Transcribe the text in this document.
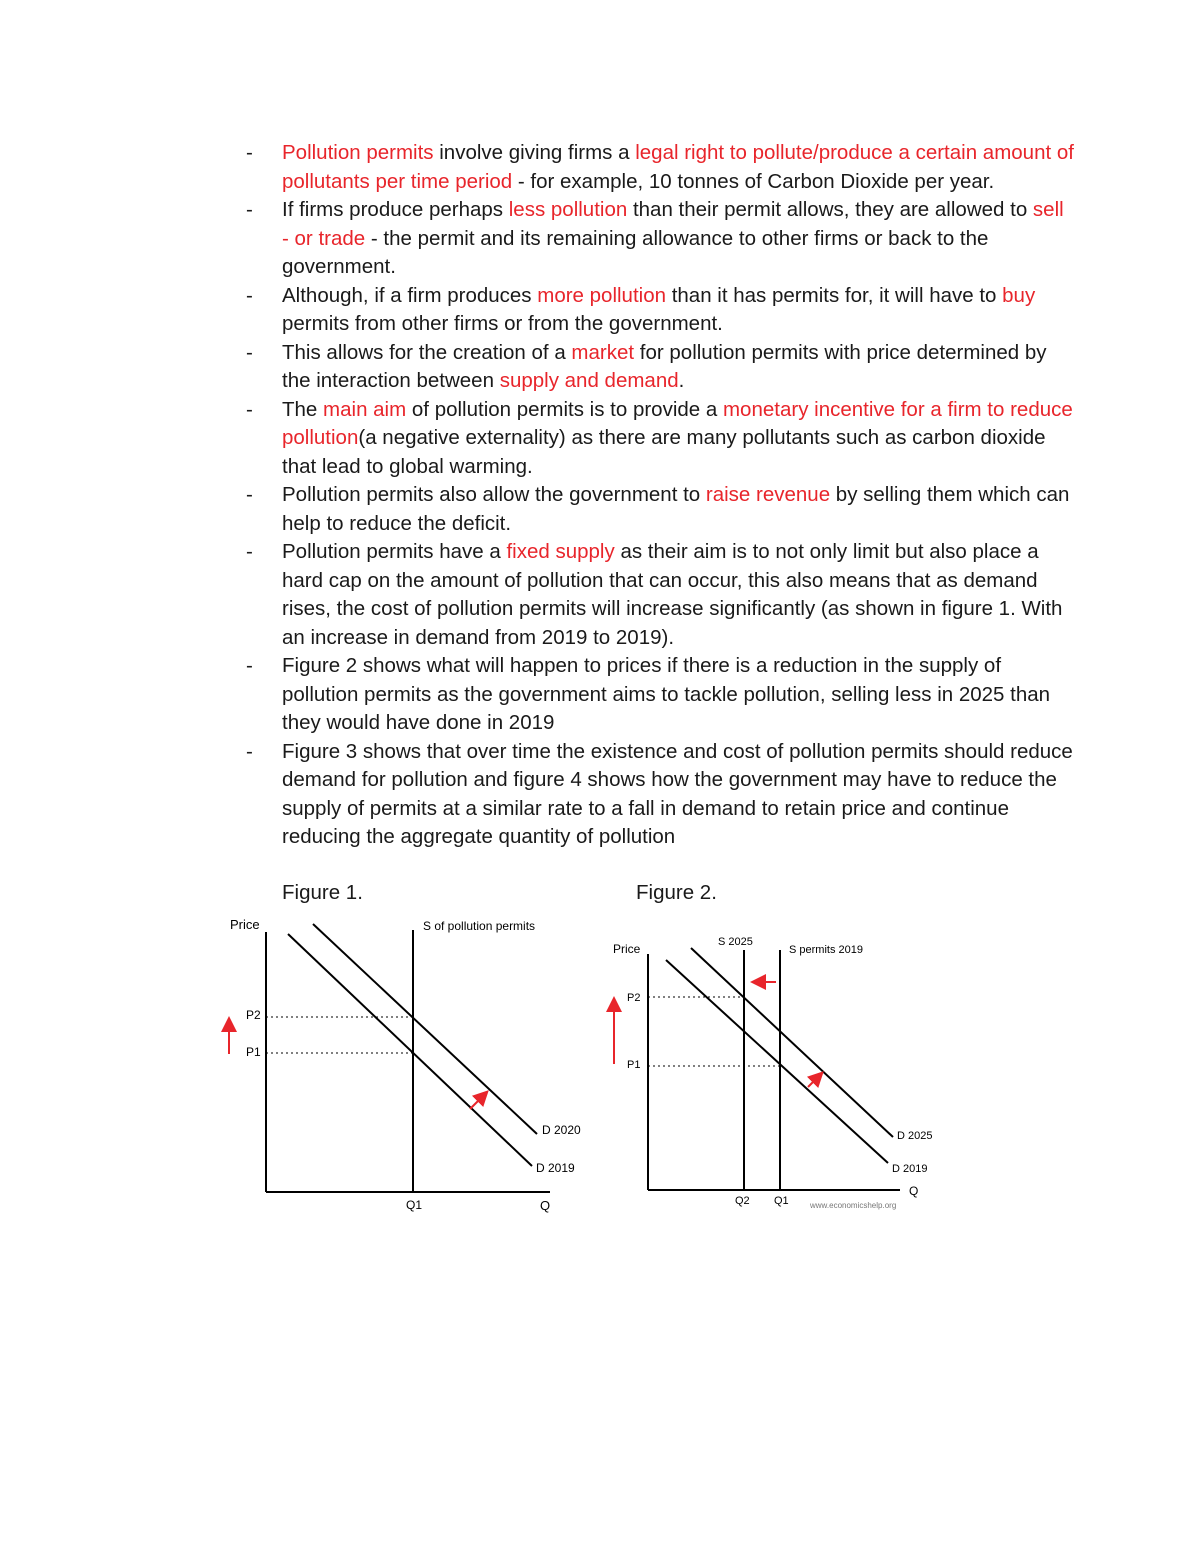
- Pollution permits involve giving firms a legal right to pollute/produce a certain amount of pollutants per time period - for example, 10 tonnes of Carbon Dioxide per year.
- If firms produce perhaps less pollution than their permit allows, they are allowed to sell - or trade - the permit and its remaining allowance to other firms or back to the government.
- Although, if a firm produces more pollution than it has permits for, it will have to buy permits from other firms or from the government.
- This allows for the creation of a market for pollution permits with price determined by the interaction between supply and demand.
- The main aim of pollution permits is to provide a monetary incentive for a firm to reduce pollution(a negative externality) as there are many pollutants such as carbon dioxide that lead to global warming.
- Pollution permits also allow the government to raise revenue by selling them which can help to reduce the deficit.
- Pollution permits have a fixed supply as their aim is to not only limit but also place a hard cap on the amount of pollution that can occur, this also means that as demand rises, the cost of pollution permits will increase significantly (as shown in figure 1. With an increase in demand from 2019 to 2019).
- Figure 2 shows what will happen to prices if there is a reduction in the supply of pollution permits as the government aims to tackle pollution, selling less in 2025 than they would have done in 2019
- Figure 3 shows that over time the existence and cost of pollution permits should reduce demand for pollution and figure 4 shows how the government may have to reduce the supply of permits at a similar rate to a fall in demand to retain price and continue reducing the aggregate quantity of pollution
Figure 1.	Figure 2.
Price
Q
S of pollution permits
D 2020
D 2019
P2
P1
Q1
Price
Q
S 2025
S permits 2019
D 2025
D 2019
P2
P1
Q2 Q1	www.economicshelp.org
